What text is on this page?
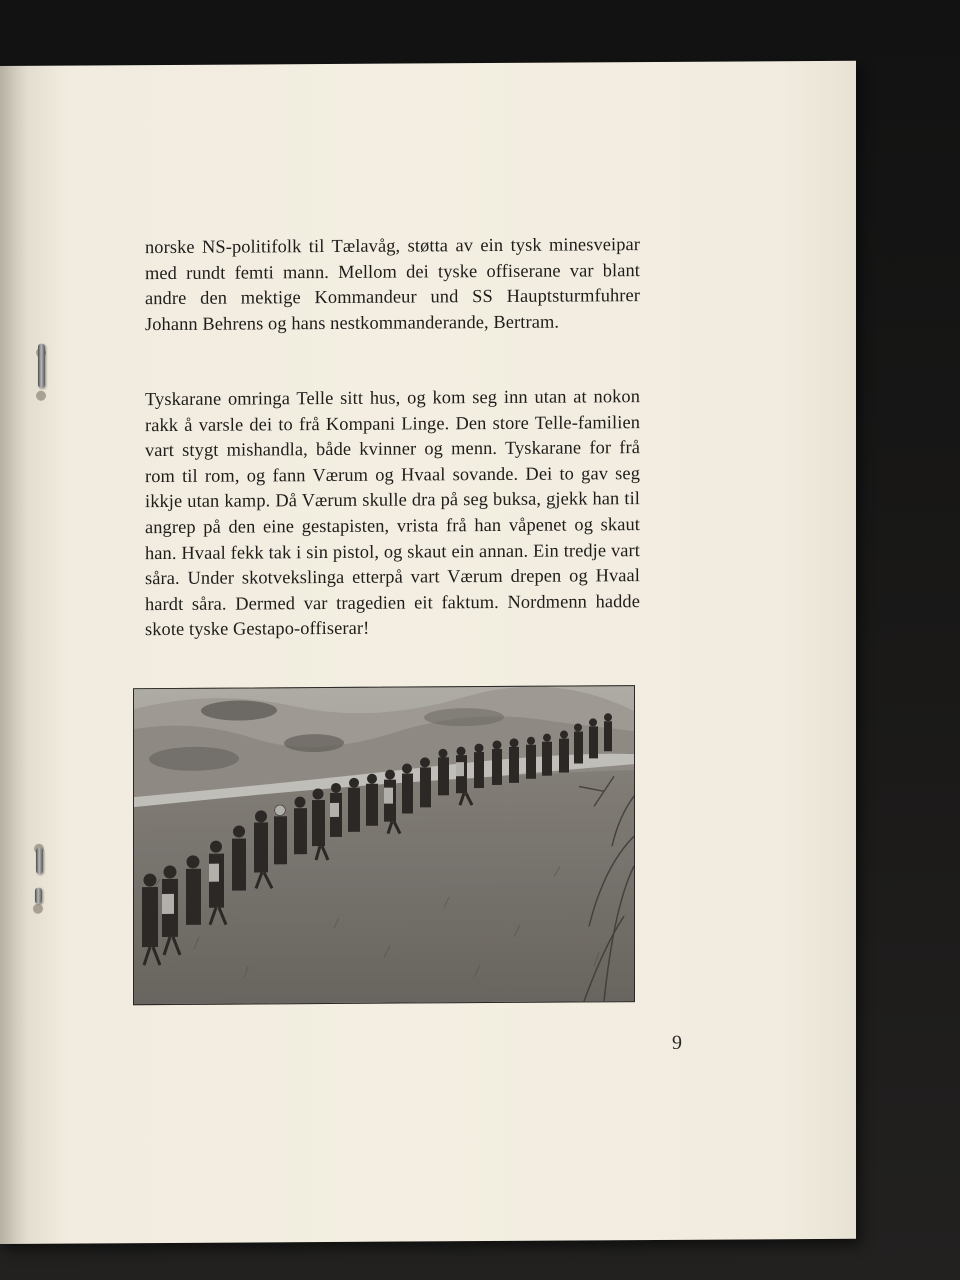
norske NS-politifolk til Tælavåg, støtta av ein tysk minesveipar med rundt femti mann. Mellom dei tyske offiserane var blant andre den mektige Kommandeur und SS Hauptsturmfuhrer Johann Behrens og hans nestkommanderande, Bertram.

Tyskarane omringa Telle sitt hus, og kom seg inn utan at nokon rakk å varsle dei to frå Kompani Linge. Den store Telle-familien vart stygt mishandla, både kvinner og menn. Tyskarane for frå rom til rom, og fann Værum og Hvaal sovande. Dei to gav seg ikkje utan kamp. Då Værum skulle dra på seg buksa, gjekk han til angrep på den eine gestapisten, vrista frå han våpenet og skaut han. Hvaal fekk tak i sin pistol, og skaut ein annan. Ein tredje vart såra. Under skotvekslinga etterpå vart Værum drepen og Hvaal hardt såra. Dermed var tragedien eit faktum. Nordmenn hadde skote tyske Gestapo-offiserar!

9
